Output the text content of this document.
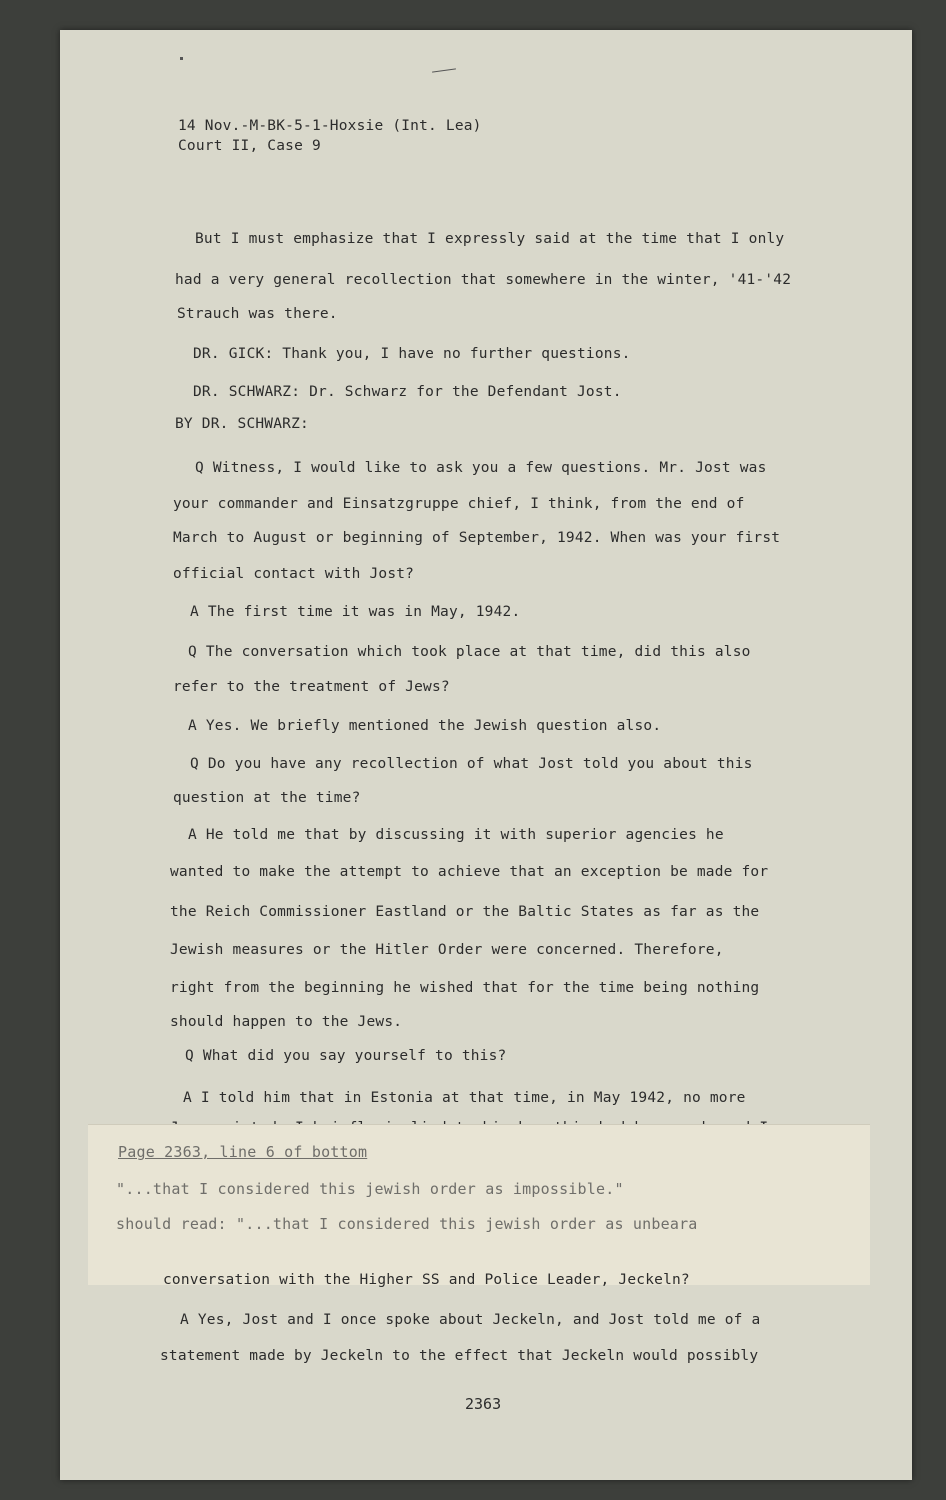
14 Nov.-M-BK-5-1-Hoxsie (Int. Lea)
Court II, Case 9
But I must emphasize that I expressly said at the time that I only
had a very general recollection that somewhere in the winter, '41-'42
Strauch was there.
DR. GICK: Thank you, I have no further questions.
DR. SCHWARZ: Dr. Schwarz for the Defendant Jost.
BY DR. SCHWARZ:
Q Witness, I would like to ask you a few questions. Mr. Jost was
your commander and Einsatzgruppe chief, I think, from the end of
March to August or beginning of September, 1942. When was your first
official contact with Jost?
A The first time it was in May, 1942.
Q The conversation which took place at that time, did this also
refer to the treatment of Jews?
A Yes. We briefly mentioned the Jewish question also.
Q Do you have any recollection of what Jost told you about this
question at the time?
A He told me that by discussing it with superior agencies he
wanted to make the attempt to achieve that an exception be made for
the Reich Commissioner Eastland or the Baltic States as far as the
Jewish measures or the Hitler Order were concerned. Therefore,
right from the beginning he wished that for the time being nothing
should happen to the Jews.
Q What did you say yourself to this?
A I told him that in Estonia at that time, in May 1942, no more
Page 2363, line 6 of bottom
"...that I considered this jewish order as impossible."
should read: "...that I considered this jewish order as unbeara
conversation with the Higher SS and Police Leader, Jeckeln?
A Yes, Jost and I once spoke about Jeckeln, and Jost told me of a
statement made by Jeckeln to the effect that Jeckeln would possibly
2363
